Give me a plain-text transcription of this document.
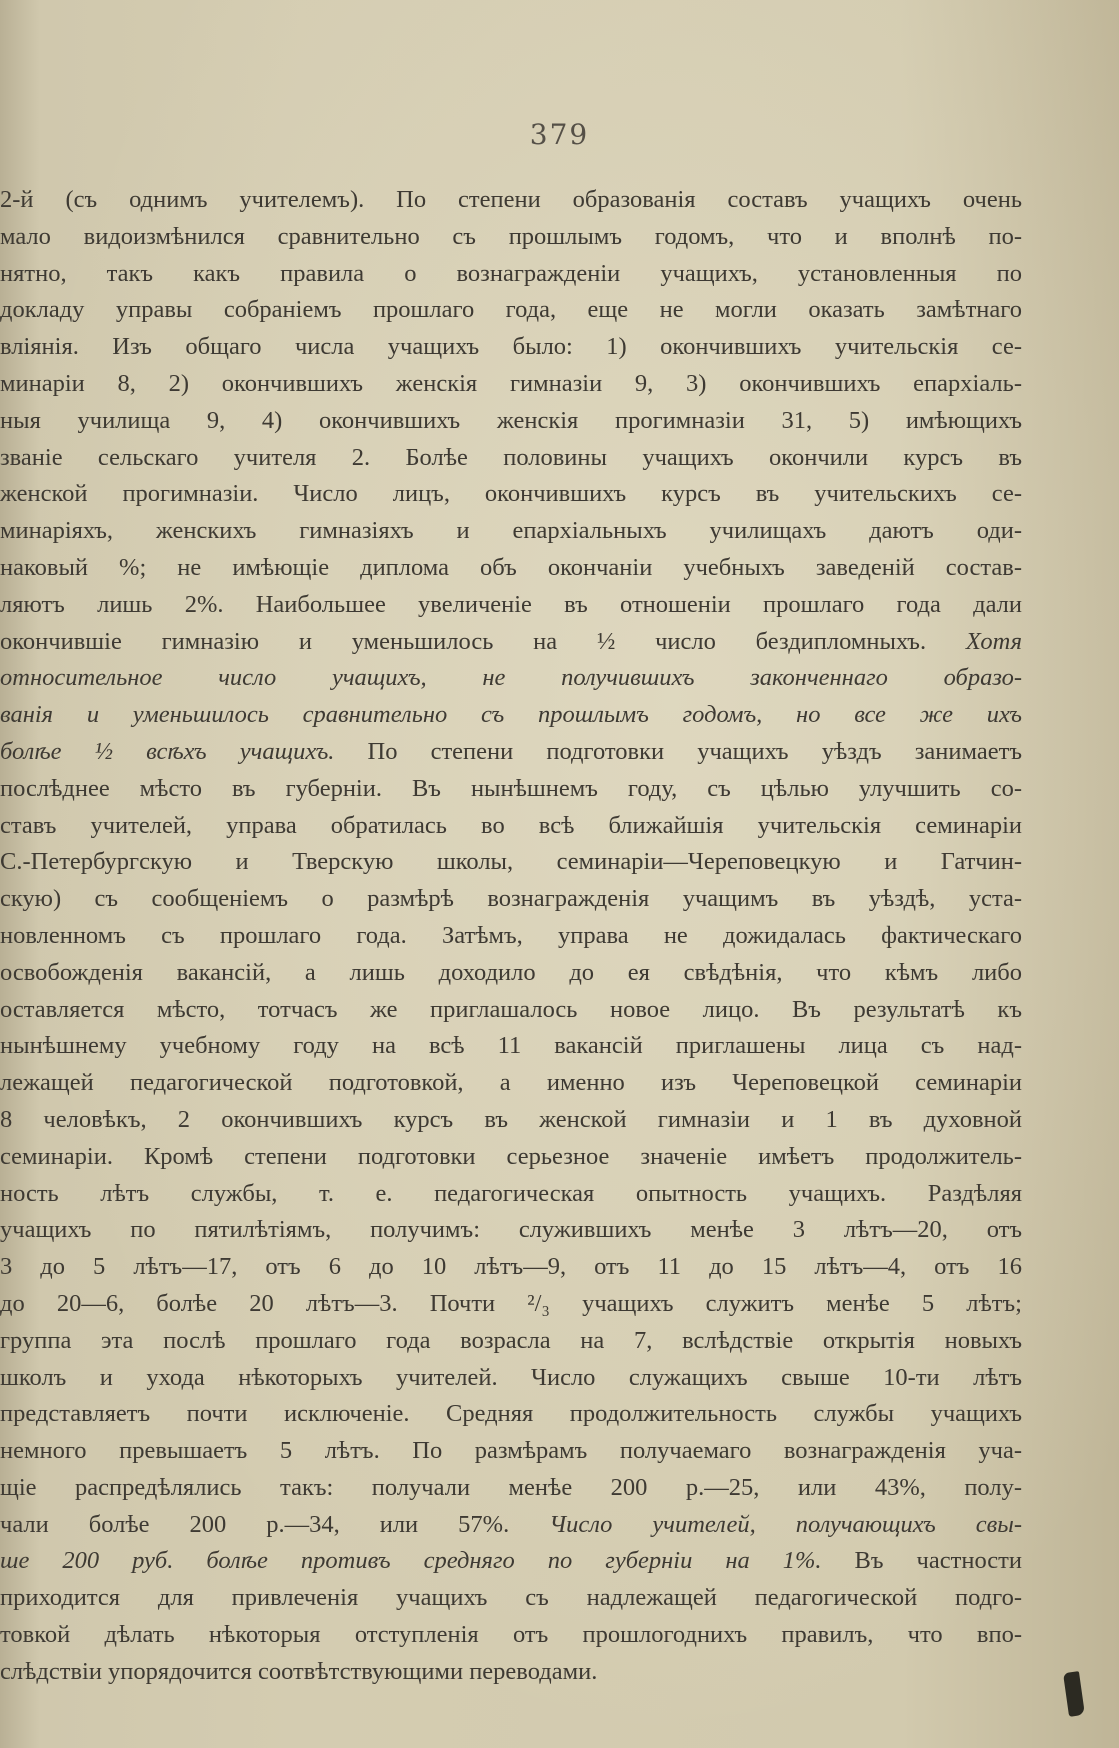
379
2-й (съ однимъ учителемъ). По степени образованія составъ учащихъ очень
мало видоизмѣнился сравнительно съ прошлымъ годомъ, что и вполнѣ по-
нятно, такъ какъ правила о вознагражденіи учащихъ, установленныя по
докладу управы собраніемъ прошлаго года, еще не могли оказать замѣтнаго
вліянія. Изъ общаго числа учащихъ было: 1) окончившихъ учительскія се-
минаріи 8, 2) окончившихъ женскія гимназіи 9, 3) окончившихъ епархіаль-
ныя училища 9, 4) окончившихъ женскія прогимназіи 31, 5) имѣющихъ
званіе сельскаго учителя 2. Болѣе половины учащихъ окончили курсъ въ
женской прогимназіи. Число лицъ, окончившихъ курсъ въ учительскихъ се-
минаріяхъ, женскихъ гимназіяхъ и епархіальныхъ училищахъ даютъ оди-
наковый %; не имѣющіе диплома объ окончаніи учебныхъ заведеній состав-
ляютъ лишь 2%. Наибольшее увеличеніе въ отношеніи прошлаго года дали
окончившіе гимназію и уменьшилось на ½ число бездипломныхъ. Хотя
относительное число учащихъ, не получившихъ законченнаго образо-
ванія и уменьшилось сравнительно съ прошлымъ годомъ, но все же ихъ
болѣе ½ всѣхъ учащихъ. По степени подготовки учащихъ уѣздъ занимаетъ
послѣднее мѣсто въ губерніи. Въ нынѣшнемъ году, съ цѣлью улучшить со-
ставъ учителей, управа обратилась во всѣ ближайшія учительскія семинаріи
С.-Петербургскую и Тверскую школы, семинаріи—Череповецкую и Гатчин-
скую) съ сообщеніемъ о размѣрѣ вознагражденія учащимъ въ уѣздѣ, уста-
новленномъ съ прошлаго года. Затѣмъ, управа не дожидалась фактическаго
освобожденія вакансій, а лишь доходило до ея свѣдѣнія, что кѣмъ либо
оставляется мѣсто, тотчасъ же приглашалось новое лицо. Въ результатѣ къ
нынѣшнему учебному году на всѣ 11 вакансій приглашены лица съ над-
лежащей педагогической подготовкой, а именно изъ Череповецкой семинаріи
8 человѣкъ, 2 окончившихъ курсъ въ женской гимназіи и 1 въ духовной
семинаріи. Кромѣ степени подготовки серьезное значеніе имѣетъ продолжитель-
ность лѣтъ службы, т. е. педагогическая опытность учащихъ. Раздѣляя
учащихъ по пятилѣтіямъ, получимъ: служившихъ менѣе 3 лѣтъ—20, отъ
3 до 5 лѣтъ—17, отъ 6 до 10 лѣтъ—9, отъ 11 до 15 лѣтъ—4, отъ 16
до 20—6, болѣе 20 лѣтъ—3. Почти ²/₃ учащихъ служитъ менѣе 5 лѣтъ;
группа эта послѣ прошлаго года возрасла на 7, вслѣдствіе открытія новыхъ
школъ и ухода нѣкоторыхъ учителей. Число служащихъ свыше 10-ти лѣтъ
представляетъ почти исключеніе. Средняя продолжительность службы учащихъ
немного превышаетъ 5 лѣтъ. По размѣрамъ получаемаго вознагражденія уча-
щіе распредѣлялись такъ: получали менѣе 200 р.—25, или 43%, полу-
чали болѣе 200 р.—34, или 57%. Число учителей, получающихъ свы-
ше 200 руб. болѣе противъ средняго по губерніи на 1%. Въ частности
приходится для привлеченія учащихъ съ надлежащей педагогической подго-
товкой дѣлать нѣкоторыя отступленія отъ прошлогоднихъ правилъ, что впо-
слѣдствіи упорядочится соотвѣтствующими переводами.
